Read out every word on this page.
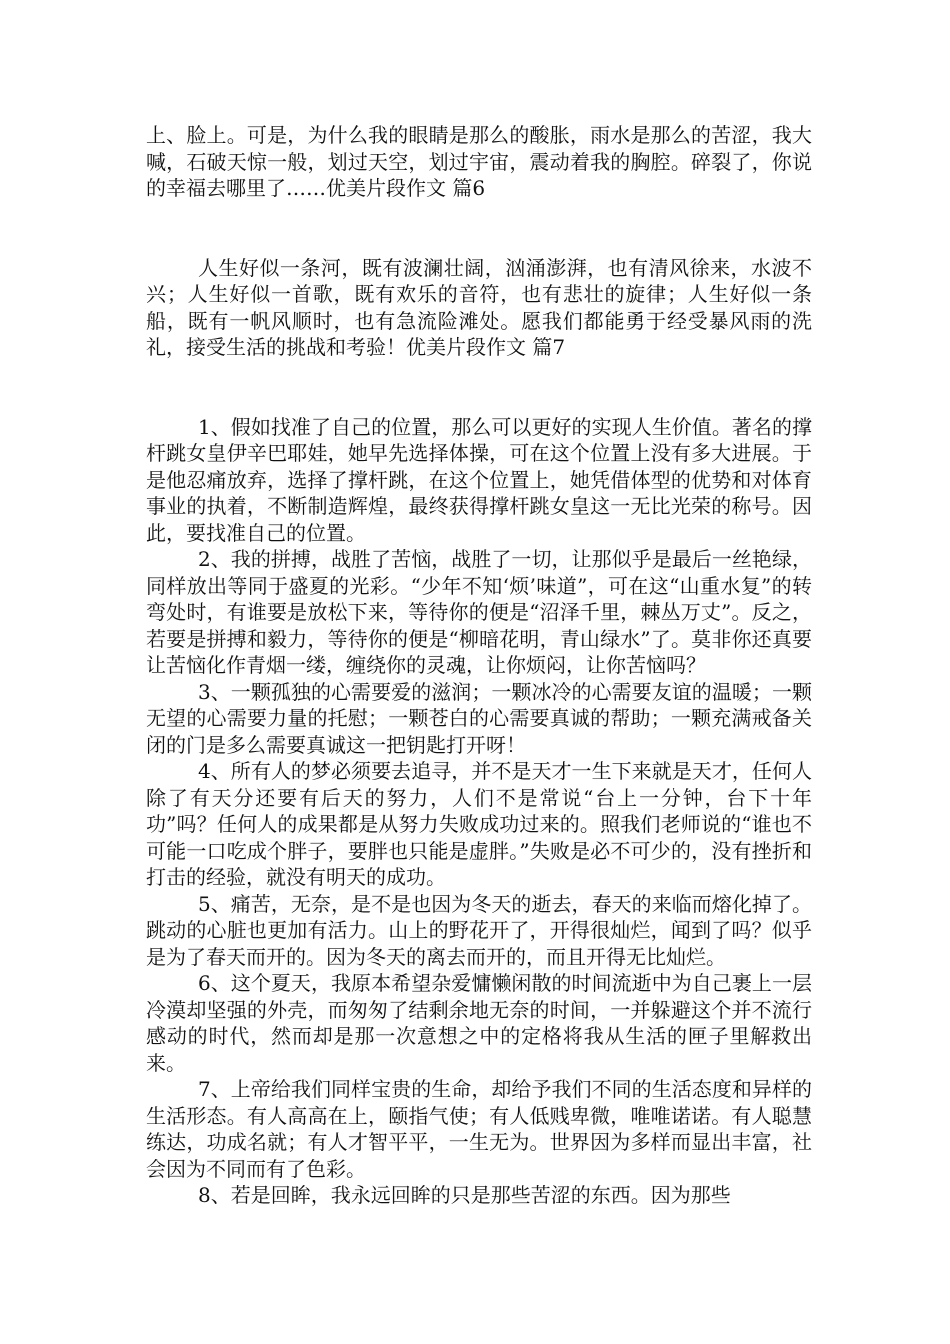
上、脸上。可是，为什么我的眼睛是那么的酸胀，雨水是那么的苦涩，我大喊，石破天惊一般，划过天空，划过宇宙，震动着我的胸腔。碎裂了，你说的幸福去哪里了……优美片段作文 篇6

人生好似一条河，既有波澜壮阔，汹涌澎湃，也有清风徐来，水波不兴；人生好似一首歌，既有欢乐的音符，也有悲壮的旋律；人生好似一条船，既有一帆风顺时，也有急流险滩处。愿我们都能勇于经受暴风雨的洗礼，接受生活的挑战和考验！优美片段作文 篇7

1、假如找准了自己的位置，那么可以更好的实现人生价值。著名的撑杆跳女皇伊辛巴耶娃，她早先选择体操，可在这个位置上没有多大进展。于是他忍痛放弃，选择了撑杆跳，在这个位置上，她凭借体型的优势和对体育事业的执着，不断制造辉煌，最终获得撑杆跳女皇这一无比光荣的称号。因此，要找准自己的位置。

2、我的拼搏，战胜了苦恼，战胜了一切，让那似乎是最后一丝艳绿，同样放出等同于盛夏的光彩。“少年不知‘烦’味道”，可在这“山重水复”的转弯处时，有谁要是放松下来，等待你的便是“沼泽千里，棘丛万丈”。反之，若要是拼搏和毅力，等待你的便是“柳暗花明，青山绿水”了。莫非你还真要让苦恼化作青烟一缕，缠绕你的灵魂，让你烦闷，让你苦恼吗？

3、一颗孤独的心需要爱的滋润；一颗冰冷的心需要友谊的温暖；一颗无望的心需要力量的托慰；一颗苍白的心需要真诚的帮助；一颗充满戒备关闭的门是多么需要真诚这一把钥匙打开呀！

4、所有人的梦必须要去追寻，并不是天才一生下来就是天才，任何人除了有天分还要有后天的努力，人们不是常说“台上一分钟，台下十年功”吗？任何人的成果都是从努力失败成功过来的。照我们老师说的“谁也不可能一口吃成个胖子，要胖也只能是虚胖。”失败是必不可少的，没有挫折和打击的经验，就没有明天的成功。

5、痛苦，无奈，是不是也因为冬天的逝去，春天的来临而熔化掉了。跳动的心脏也更加有活力。山上的野花开了，开得很灿烂，闻到了吗？似乎是为了春天而开的。因为冬天的离去而开的，而且开得无比灿烂。

6、这个夏天，我原本希望杂爱慵懒闲散的时间流逝中为自己裹上一层冷漠却坚强的外壳，而匆匆了结剩余地无奈的时间，一并躲避这个并不流行感动的时代，然而却是那一次意想之中的定格将我从生活的匣子里解救出来。

7、上帝给我们同样宝贵的生命，却给予我们不同的生活态度和异样的生活形态。有人高高在上，颐指气使；有人低贱卑微，唯唯诺诺。有人聪慧练达，功成名就；有人才智平平，一生无为。世界因为多样而显出丰富，社会因为不同而有了色彩。

8、若是回眸，我永远回眸的只是那些苦涩的东西。因为那些
